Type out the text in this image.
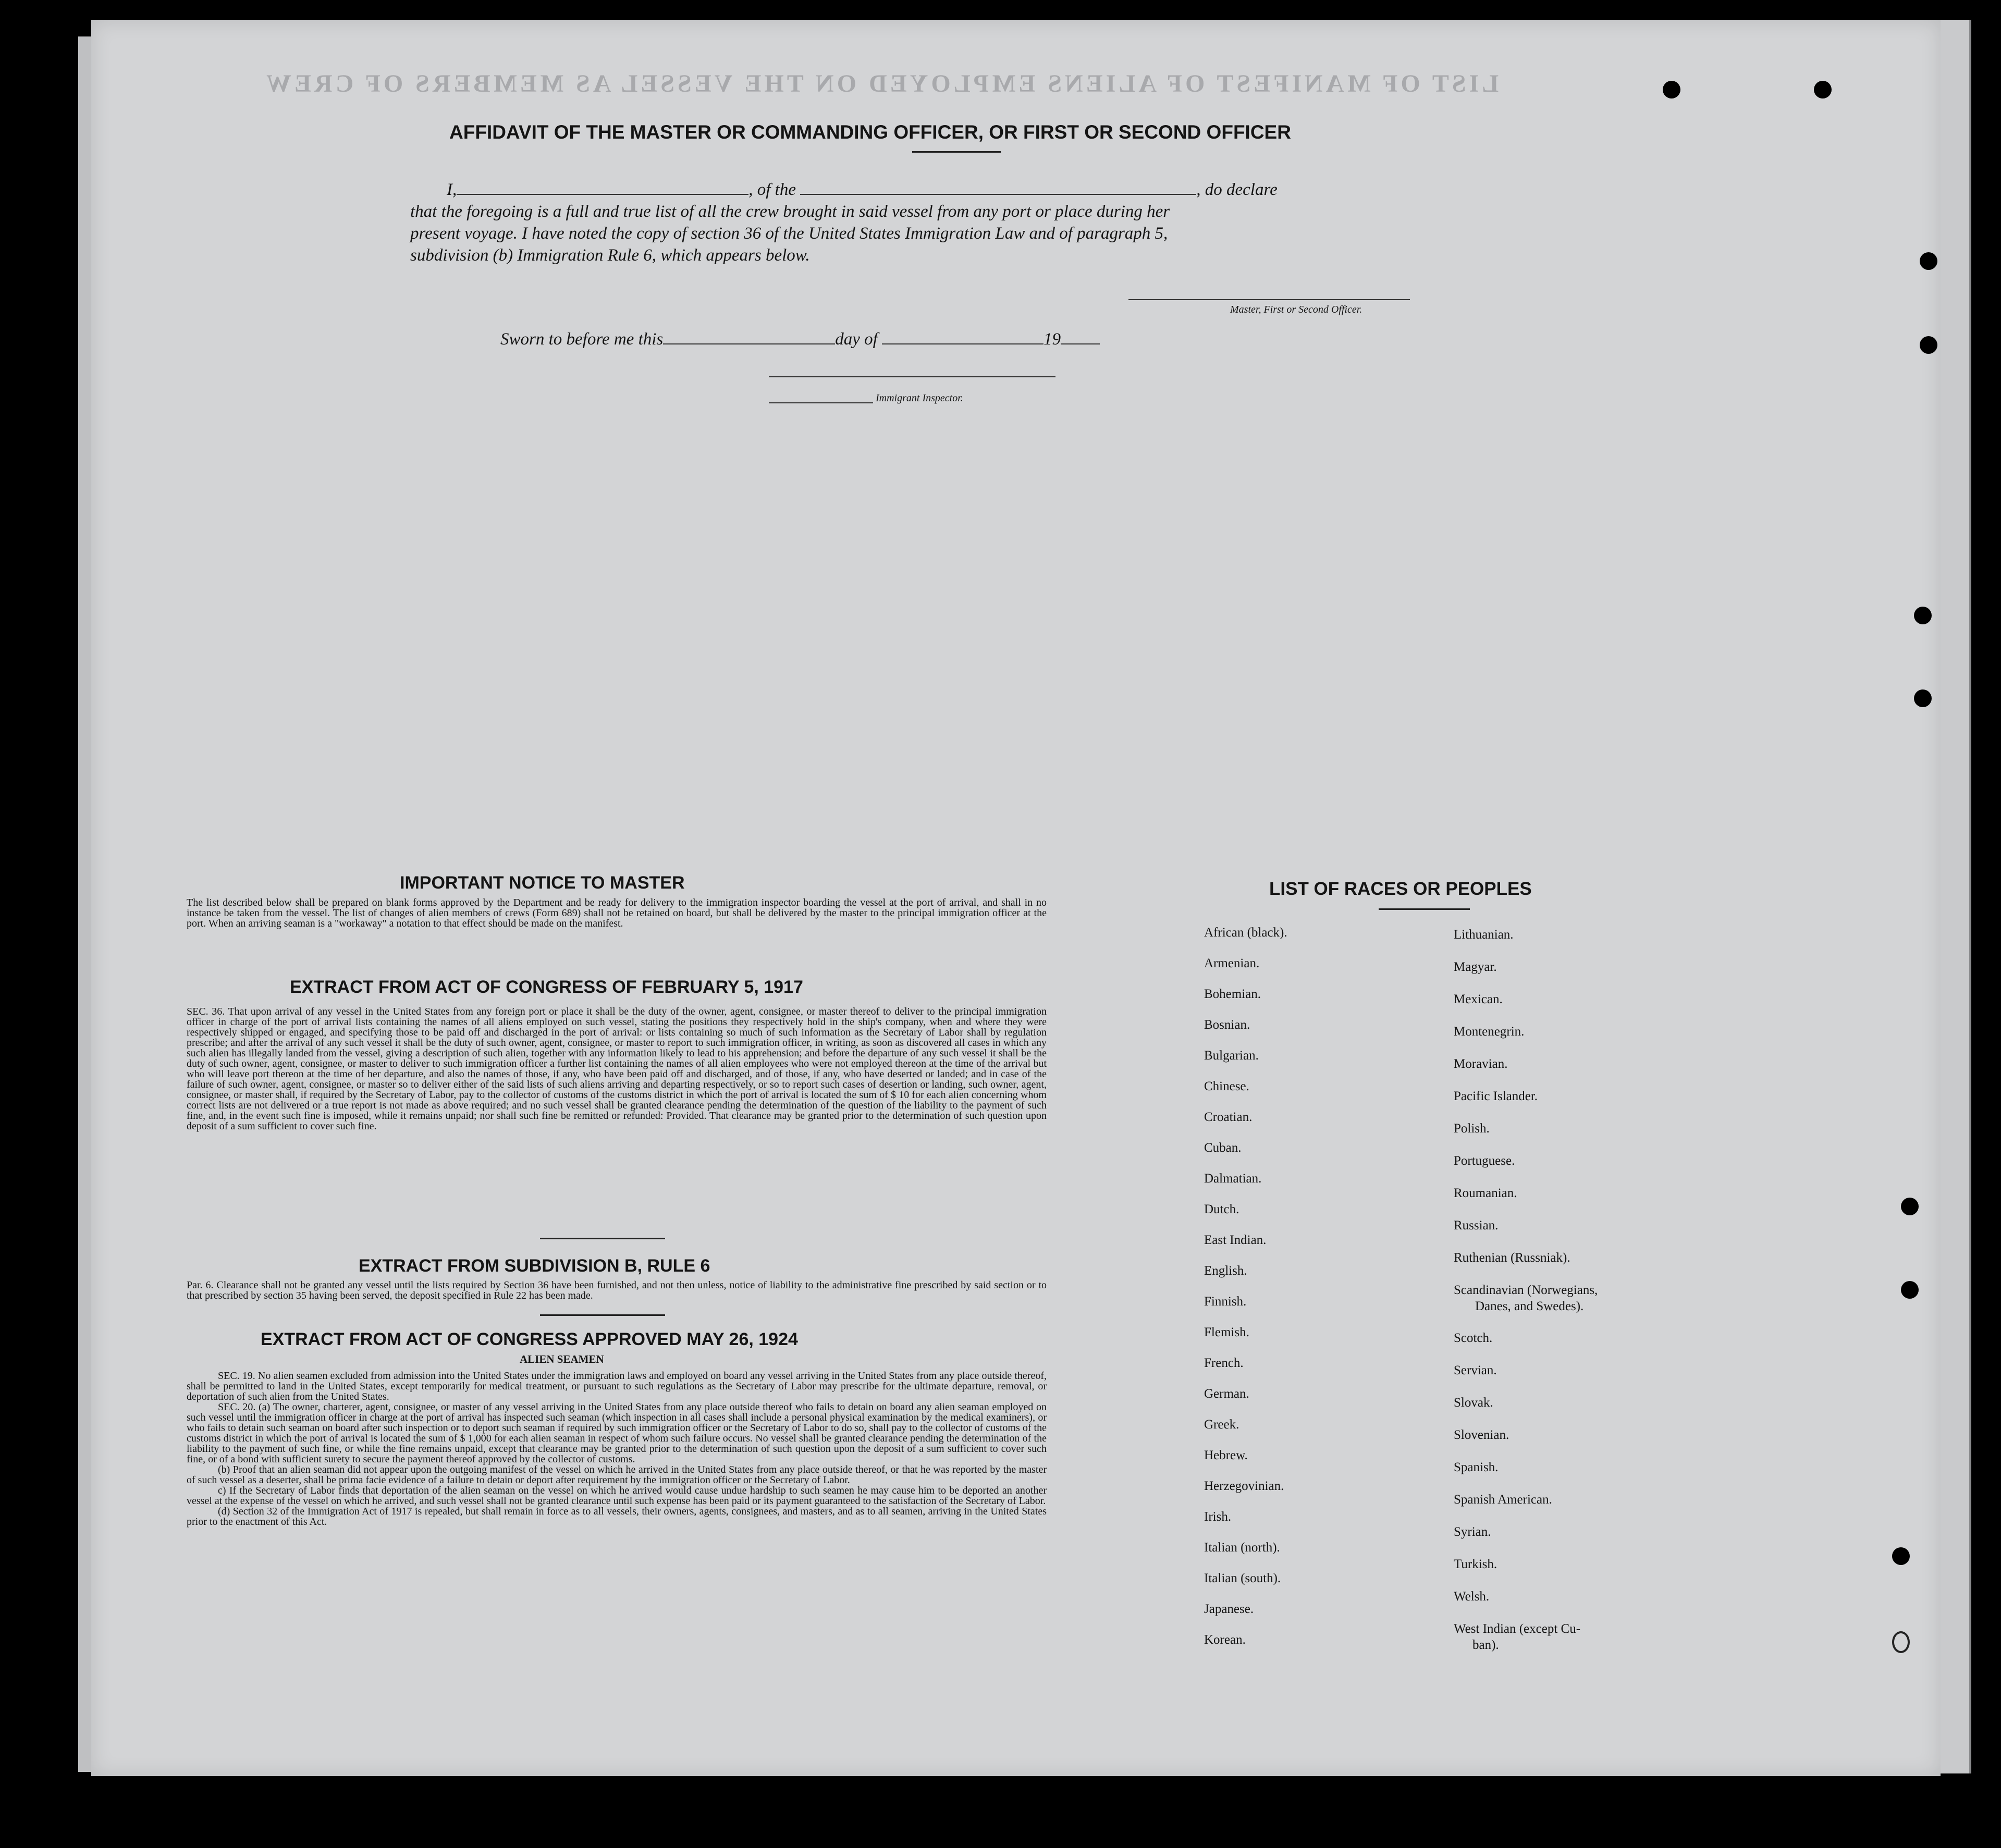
LIST OF MANIFEST OF ALIENS EMPLOYED ON THE VESSEL AS MEMBERS OF CREW
AFFIDAVIT OF THE MASTER OR COMMANDING OFFICER, OR FIRST OR SECOND OFFICER
I,	, of the	, do declare
that the foregoing is a full and true list of all the crew brought in said vessel from any port or place during her
present voyage. I have noted the copy of section 36 of the United States Immigration Law and of paragraph 5,
subdivision (b) Immigration Rule 6, which appears below.
Master, First or Second Officer.
Sworn to before me this	day of	19
Immigrant Inspector.
IMPORTANT NOTICE TO MASTER
The list described below shall be prepared on blank forms approved by the Department and be ready for delivery to the immigration inspector boarding the vessel at the port of arrival, and shall in no instance be taken from the vessel. The list of changes of alien members of crews (Form 689) shall not be retained on board, but shall be delivered by the master to the principal immigration officer at the port. When an arriving seaman is a "workaway" a notation to that effect should be made on the manifest.
EXTRACT FROM ACT OF CONGRESS OF FEBRUARY 5, 1917
SEC. 36. That upon arrival of any vessel in the United States from any foreign port or place it shall be the duty of the owner, agent, consignee, or master thereof to deliver to the principal immigration officer in charge of the port of arrival lists containing the names of all aliens employed on such vessel, stating the positions they respectively hold in the ship's company, when and where they were respectively shipped or engaged, and specifying those to be paid off and discharged in the port of arrival: or lists containing so much of such information as the Secretary of Labor shall by regulation prescribe; and after the arrival of any such vessel it shall be the duty of such owner, agent, consignee, or master to report to such immigration officer, in writing, as soon as discovered all cases in which any such alien has illegally landed from the vessel, giving a description of such alien, together with any information likely to lead to his apprehension; and before the departure of any such vessel it shall be the duty of such owner, agent, consignee, or master to deliver to such immigration officer a further list containing the names of all alien employees who were not employed thereon at the time of the arrival but who will leave port thereon at the time of her departure, and also the names of those, if any, who have been paid off and discharged, and of those, if any, who have deserted or landed; and in case of the failure of such owner, agent, consignee, or master so to deliver either of the said lists of such aliens arriving and departing respectively, or so to report such cases of desertion or landing, such owner, agent, consignee, or master shall, if required by the Secretary of Labor, pay to the collector of customs of the customs district in which the port of arrival is located the sum of $ 10 for each alien concerning whom correct lists are not delivered or a true report is not made as above required; and no such vessel shall be granted clearance pending the determination of the question of the liability to the payment of such fine, and, in the event such fine is imposed, while it remains unpaid; nor shall such fine be remitted or refunded: Provided. That clearance may be granted prior to the determination of such question upon deposit of a sum sufficient to cover such fine.
EXTRACT FROM SUBDIVISION B, RULE 6
Par. 6. Clearance shall not be granted any vessel until the lists required by Section 36 have been furnished, and not then unless, notice of liability to the administrative fine prescribed by said section or to that prescribed by section 35 having been served, the deposit specified in Rule 22 has been made.
EXTRACT FROM ACT OF CONGRESS APPROVED MAY 26, 1924
ALIEN SEAMEN

SEC. 19. No alien seamen excluded from admission into the United States under the immigration laws and employed on board any vessel arriving in the United States from any place outside thereof, shall be permitted to land in the United States, except temporarily for medical treatment, or pursuant to such regulations as the Secretary of Labor may prescribe for the ultimate departure, removal, or deportation of such alien from the United States.

SEC. 20. (a) The owner, charterer, agent, consignee, or master of any vessel arriving in the United States from any place outside thereof who fails to detain on board any alien seaman employed on such vessel until the immigration officer in charge at the port of arrival has inspected such seaman (which inspection in all cases shall include a personal physical examination by the medical examiners), or who fails to detain such seaman on board after such inspection or to deport such seaman if required by such immigration officer or the Secretary of Labor to do so, shall pay to the collector of customs of the customs district in which the port of arrival is located the sum of $ 1,000 for each alien seaman in respect of whom such failure occurs. No vessel shall be granted clearance pending the determination of the liability to the payment of such fine, or while the fine remains unpaid, except that clearance may be granted prior to the determination of such question upon the deposit of a sum sufficient to cover such fine, or of a bond with sufficient surety to secure the payment thereof approved by the collector of customs.

(b) Proof that an alien seaman did not appear upon the outgoing manifest of the vessel on which he arrived in the United States from any place outside thereof, or that he was reported by the master of such vessel as a deserter, shall be prima facie evidence of a failure to detain or deport after requirement by the immigration officer or the Secretary of Labor.

c) If the Secretary of Labor finds that deportation of the alien seaman on the vessel on which he arrived would cause undue hardship to such seamen he may cause him to be deported an another vessel at the expense of the vessel on which he arrived, and such vessel shall not be granted clearance until such expense has been paid or its payment guaranteed to the satisfaction of the Secretary of Labor.

(d) Section 32 of the Immigration Act of 1917 is repealed, but shall remain in force as to all vessels, their owners, agents, consignees, and masters, and as to all seamen, arriving in the United States prior to the enactment of this Act.

LIST OF RACES OR PEOPLES
African (black).
Armenian.
Bohemian.
Bosnian.
Bulgarian.
Chinese.
Croatian.
Cuban.
Dalmatian.
Dutch.
East Indian.
English.
Finnish.
Flemish.
French.
German.
Greek.
Hebrew.
Herzegovinian.
Irish.
Italian (north).
Italian (south).
Japanese.
Korean.
Lithuanian.
Magyar.
Mexican.
Montenegrin.
Moravian.
Pacific Islander.
Polish.
Portuguese.
Roumanian.
Russian.
Ruthenian (Russniak).
Scandinavian (Norwegians,
Danes, and Swedes).
Scotch.
Servian.
Slovak.
Slovenian.
Spanish.
Spanish American.
Syrian.
Turkish.
Welsh.
West Indian (except Cu-
ban).
